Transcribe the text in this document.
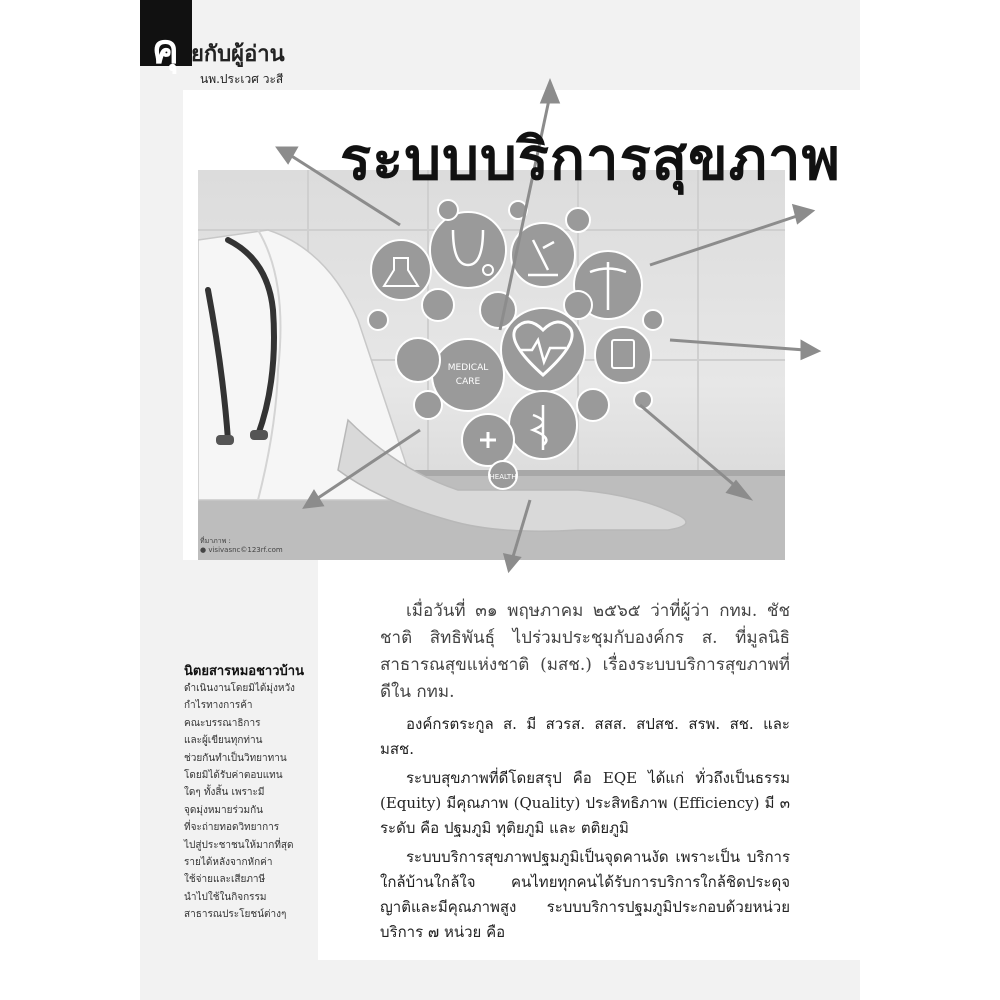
คุ ยกับผู้อ่าน
นพ.ประเวศ วะสี
MEDICAL
CARE
HEALTH
ที่มาภาพ :
● visivasnc©123rf.com
ระบบบริการสุขภาพ
นิตยสารหมอชาวบ้าน
ดำเนินงานโดยมิได้มุ่งหวัง
กำไรทางการค้า
คณะบรรณาธิการ
และผู้เขียนทุกท่าน
ช่วยกันทำเป็นวิทยาทาน
โดยมิได้รับค่าตอบแทน
ใดๆ ทั้งสิ้น เพราะมี
จุดมุ่งหมายร่วมกัน
ที่จะถ่ายทอดวิทยาการ
ไปสู่ประชาชนให้มากที่สุด
รายได้หลังจากหักค่า
ใช้จ่ายและเสียภาษี
นำไปใช้ในกิจกรรม
สาธารณประโยชน์ต่างๆ

เมื่อวันที่ ๓๑ พฤษภาคม ๒๕๖๕ ว่าที่ผู้ว่า กทม. ชัชชาติ สิทธิพันธุ์ ไปร่วมประชุมกับองค์กร ส. ที่มูลนิธิสาธารณสุขแห่งชาติ (มสช.) เรื่องระบบบริการสุขภาพที่ดีใน กทม.

องค์กรตระกูล ส. มี สวรส. สสส. สปสช. สรพ. สช. และ มสช.

ระบบสุขภาพที่ดีโดยสรุป คือ EQE ได้แก่ ทั่วถึงเป็นธรรม (Equity) มีคุณภาพ (Quality) ประสิทธิภาพ (Efficiency) มี ๓ ระดับ คือ ปฐมภูมิ ทุติยภูมิ และ ตติยภูมิ

ระบบบริการสุขภาพปฐมภูมิเป็นจุดคานงัด เพราะเป็น บริการใกล้บ้านใกล้ใจ คนไทยทุกคนได้รับการบริการใกล้ชิดประดุจญาติและมีคุณภาพสูง ระบบบริการปฐมภูมิประกอบด้วยหน่วยบริการ ๗ หน่วย คือ
